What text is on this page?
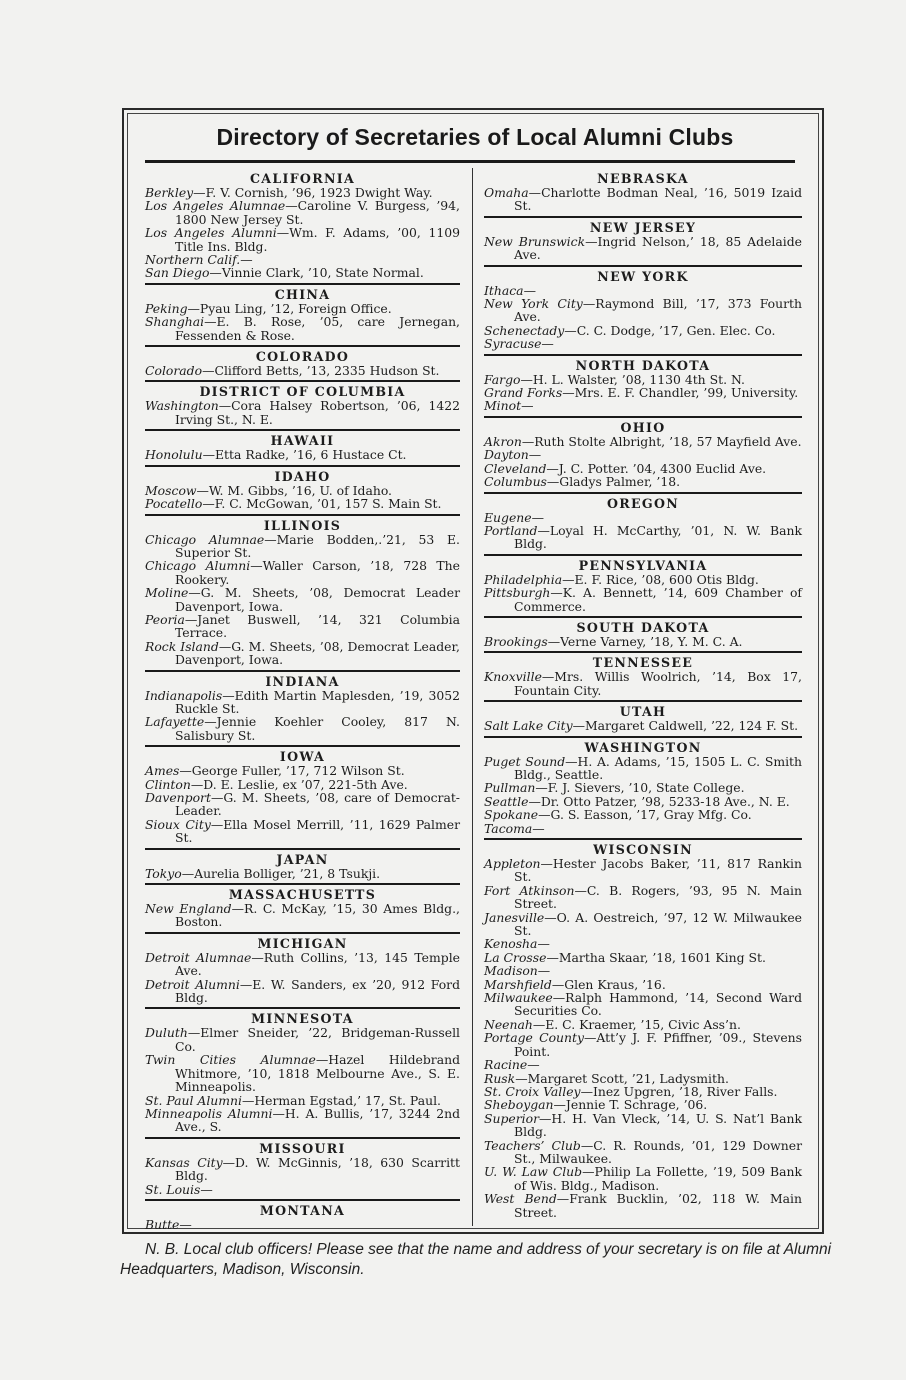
Directory of Secretaries of Local Alumni Clubs
CALIFORNIA

Berkley—F. V. Cornish, ’96, 1923 Dwight Way.

Los Angeles Alumnae—Caroline V. Burgess, ’94, 1800 New Jersey St.

Los Angeles Alumni—Wm. F. Adams, ’00, 1109 Title Ins. Bldg.

Northern Calif.—

San Diego—Vinnie Clark, ’10, State Normal.

CHINA

Peking—Pyau Ling, ’12, Foreign Office.

Shanghai—E. B. Rose, ’05, care Jernegan, Fessenden & Rose.

COLORADO

Colorado—Clifford Betts, ’13, 2335 Hudson St.

DISTRICT OF COLUMBIA

Washington—Cora Halsey Robertson, ’06, 1422 Irving St., N. E.

HAWAII

Honolulu—Etta Radke, ’16, 6 Hustace Ct.

IDAHO

Moscow—W. M. Gibbs, ’16, U. of Idaho.

Pocatello—F. C. McGowan, ’01, 157 S. Main St.

ILLINOIS

Chicago Alumnae—Marie Bodden,.’21, 53 E. Superior St.

Chicago Alumni—Waller Carson, ’18, 728 The Rookery.

Moline—G. M. Sheets, ’08, Democrat Leader Davenport, Iowa.

Peoria—Janet Buswell, ’14, 321 Columbia Terrace.

Rock Island—G. M. Sheets, ’08, Democrat Leader, Davenport, Iowa.

INDIANA

Indianapolis—Edith Martin Maplesden, ’19, 3052 Ruckle St.

Lafayette—Jennie Koehler Cooley, 817 N. Salisbury St.

IOWA

Ames—George Fuller, ’17, 712 Wilson St.

Clinton—D. E. Leslie, ex ’07, 221-5th Ave.

Davenport—G. M. Sheets, ’08, care of Democrat-Leader.

Sioux City—Ella Mosel Merrill, ’11, 1629 Palmer St.

JAPAN

Tokyo—Aurelia Bolliger, ’21, 8 Tsukji.

MASSACHUSETTS

New England—R. C. McKay, ’15, 30 Ames Bldg., Boston.

MICHIGAN

Detroit Alumnae—Ruth Collins, ’13, 145 Temple Ave.

Detroit Alumni—E. W. Sanders, ex ’20, 912 Ford Bldg.

MINNESOTA

Duluth—Elmer Sneider, ’22, Bridgeman-Russell Co.

Twin Cities Alumnae—Hazel Hildebrand Whitmore, ’10, 1818 Melbourne Ave., S. E. Minneapolis.

St. Paul Alumni—Herman Egstad,’ 17, St. Paul.

Minneapolis Alumni—H. A. Bullis, ’17, 3244 2nd Ave., S.

MISSOURI

Kansas City—D. W. McGinnis, ’18, 630 Scarritt Bldg.

St. Louis—

MONTANA

Butte—

NEBRASKA

Omaha—Charlotte Bodman Neal, ’16, 5019 Izaid St.

NEW JERSEY

New Brunswick—Ingrid Nelson,’ 18, 85 Adelaide Ave.

NEW YORK

Ithaca—

New York City—Raymond Bill, ’17, 373 Fourth Ave.

Schenectady—C. C. Dodge, ’17, Gen. Elec. Co.

Syracuse—

NORTH DAKOTA

Fargo—H. L. Walster, ’08, 1130 4th St. N.

Grand Forks—Mrs. E. F. Chandler, ’99, University.

Minot—

OHIO

Akron—Ruth Stolte Albright, ’18, 57 Mayfield Ave.

Dayton—

Cleveland—J. C. Potter. ’04, 4300 Euclid Ave.

Columbus—Gladys Palmer, ’18.

OREGON

Eugene—

Portland—Loyal H. McCarthy, ’01, N. W. Bank Bldg.

PENNSYLVANIA

Philadelphia—E. F. Rice, ’08, 600 Otis Bldg.

Pittsburgh—K. A. Bennett, ’14, 609 Chamber of Commerce.

SOUTH DAKOTA

Brookings—Verne Varney, ’18, Y. M. C. A.

TENNESSEE

Knoxville—Mrs. Willis Woolrich, ’14, Box 17, Fountain City.

UTAH

Salt Lake City—Margaret Caldwell, ’22, 124 F. St.

WASHINGTON

Puget Sound—H. A. Adams, ’15, 1505 L. C. Smith Bldg., Seattle.

Pullman—F. J. Sievers, ’10, State College.

Seattle—Dr. Otto Patzer, ’98, 5233-18 Ave., N. E.

Spokane—G. S. Easson, ’17, Gray Mfg. Co.

Tacoma—

WISCONSIN

Appleton—Hester Jacobs Baker, ’11, 817 Rankin St.

Fort Atkinson—C. B. Rogers, ’93, 95 N. Main Street.

Janesville—O. A. Oestreich, ’97, 12 W. Milwaukee St.

Kenosha—

La Crosse—Martha Skaar, ’18, 1601 King St.

Madison—

Marshfield—Glen Kraus, ’16.

Milwaukee—Ralph Hammond, ’14, Second Ward Securities Co.

Neenah—E. C. Kraemer, ’15, Civic Ass’n.

Portage County—Att’y J. F. Pfiffner, ’09., Stevens Point.

Racine—

Rusk—Margaret Scott, ’21, Ladysmith.

St. Croix Valley—Inez Upgren, ’18, River Falls.

Sheboygan—Jennie T. Schrage, ’06.

Superior—H. H. Van Vleck, ’14, U. S. Nat’l Bank Bldg.

Teachers’ Club—C. R. Rounds, ’01, 129 Downer St., Milwaukee.

U. W. Law Club—Philip La Follette, ’19, 509 Bank of Wis. Bldg., Madison.

West Bend—Frank Bucklin, ’02, 118 W. Main Street.

N. B. Local club officers! Please see that the name and address of your secretary is on file at Alumni Headquarters, Madison, Wisconsin.
